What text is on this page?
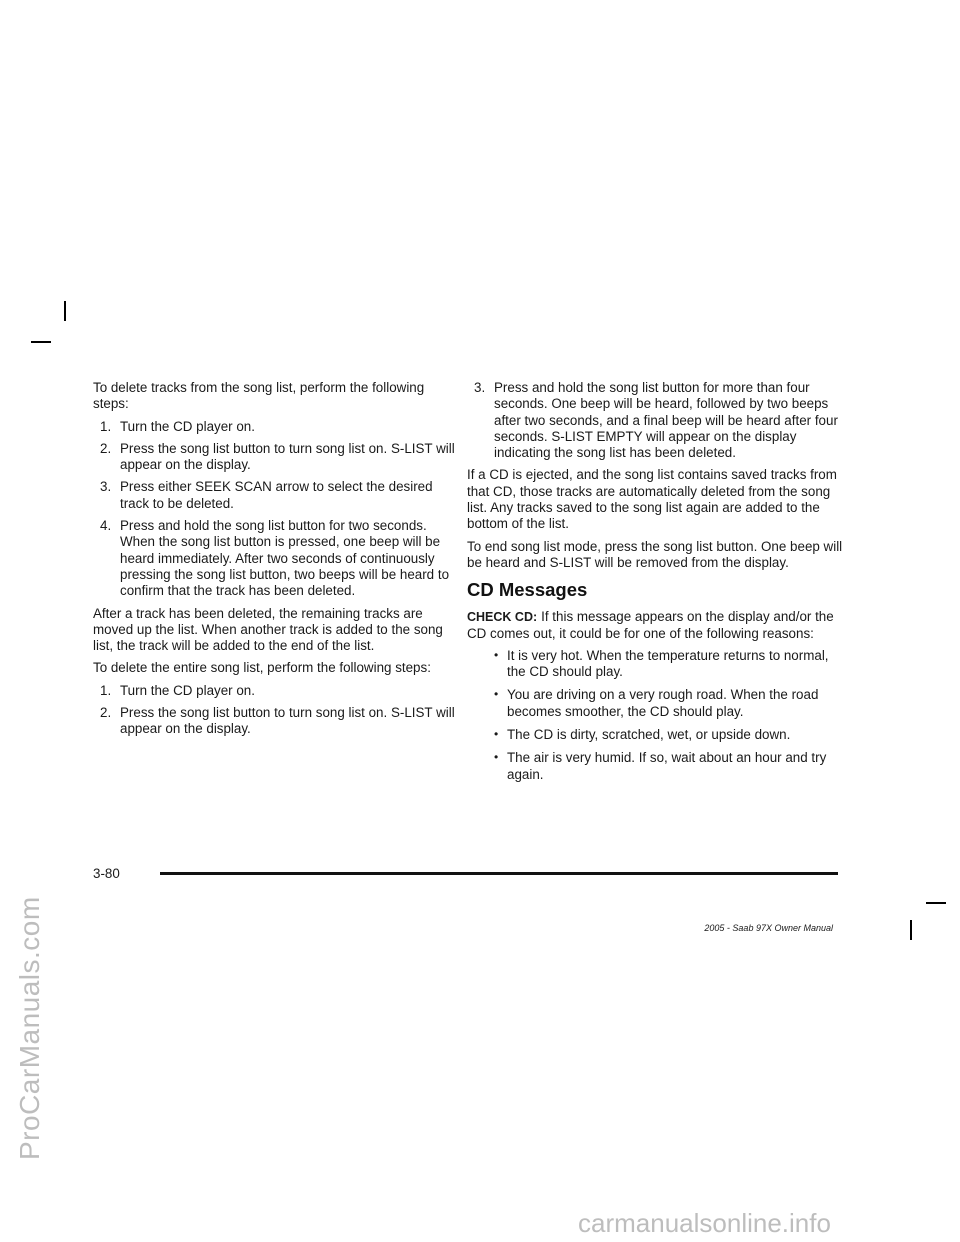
To delete tracks from the song list, perform the following steps:

1. Turn the CD player on.
2. Press the song list button to turn song list on. S-LIST will appear on the display.
3. Press either SEEK SCAN arrow to select the desired track to be deleted.
4. Press and hold the song list button for two seconds. When the song list button is pressed, one beep will be heard immediately. After two seconds of continuously pressing the song list button, two beeps will be heard to confirm that the track has been deleted.

After a track has been deleted, the remaining tracks are moved up the list. When another track is added to the song list, the track will be added to the end of the list.

To delete the entire song list, perform the following steps:

1. Turn the CD player on.
2. Press the song list button to turn song list on. S-LIST will appear on the display.
3. Press and hold the song list button for more than four seconds. One beep will be heard, followed by two beeps after two seconds, and a final beep will be heard after four seconds. S-LIST EMPTY will appear on the display indicating the song list has been deleted.

If a CD is ejected, and the song list contains saved tracks from that CD, those tracks are automatically deleted from the song list. Any tracks saved to the song list again are added to the bottom of the list.

To end song list mode, press the song list button. One beep will be heard and S-LIST will be removed from the display.

CD Messages

CHECK CD: If this message appears on the display and/or the CD comes out, it could be for one of the following reasons:

• It is very hot. When the temperature returns to normal, the CD should play.
• You are driving on a very rough road. When the road becomes smoother, the CD should play.
• The CD is dirty, scratched, wet, or upside down.
• The air is very humid. If so, wait about an hour and try again.
3-80
2005 - Saab 97X Owner Manual
ProCarManuals.com
carmanualsonline.info
